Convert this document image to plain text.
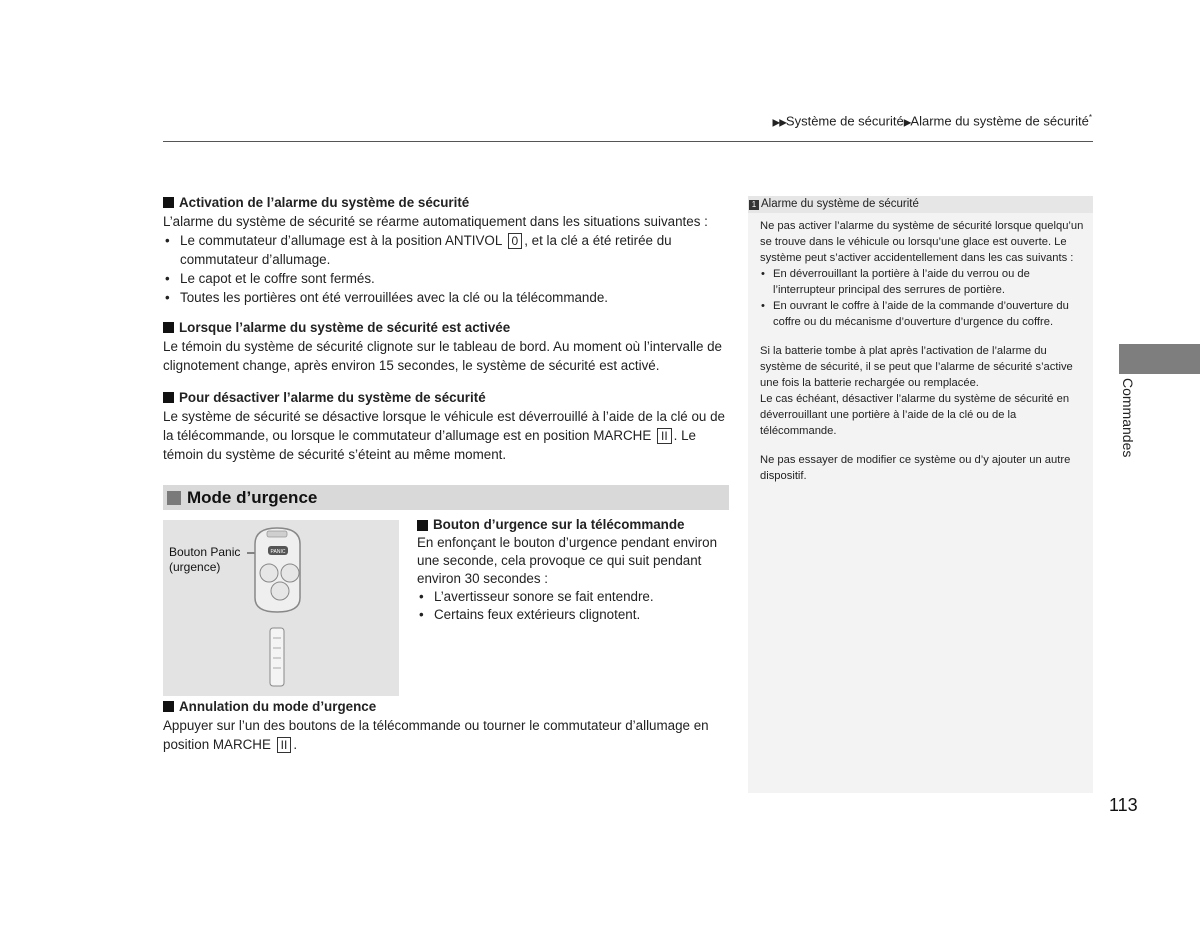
▶▶Système de sécurité▶Alarme du système de sécurité*
Activation de l’alarme du système de sécurité

L’alarme du système de sécurité se réarme automatiquement dans les situations suivantes :

• Le commutateur d’allumage est à la position ANTIVOL 0 , et la clé a été retirée du commutateur d’allumage.
• Le capot et le coffre sont fermés.
• Toutes les portières ont été verrouillées avec la clé ou la télécommande.
Lorsque l’alarme du système de sécurité est activée

Le témoin du système de sécurité clignote sur le tableau de bord. Au moment où l’intervalle de clignotement change, après environ 15 secondes, le système de sécurité est activé.

Pour désactiver l’alarme du système de sécurité

Le système de sécurité se désactive lorsque le véhicule est déverrouillé à l’aide de la clé ou de la télécommande, ou lorsque le commutateur d’allumage est en position MARCHE II . Le témoin du système de sécurité s’éteint au même moment.

Mode d’urgence
Bouton Panic
(urgence)
PANIC
Bouton d’urgence sur la télécommande

En enfonçant le bouton d’urgence pendant environ une seconde, cela provoque ce qui suit pendant environ 30 secondes :

• L’avertisseur sonore se fait entendre.
• Certains feux extérieurs clignotent.
Annulation du mode d’urgence

Appuyer sur l’un des boutons de la télécommande ou tourner le commutateur d’allumage en position MARCHE II .

1 Alarme du système de sécurité

Ne pas activer l’alarme du système de sécurité lorsque quelqu’un se trouve dans le véhicule ou lorsqu’une glace est ouverte. Le système peut s’activer accidentellement dans les cas suivants :

• En déverrouillant la portière à l’aide du verrou ou de l’interrupteur principal des serrures de portière.
• En ouvrant le coffre à l’aide de la commande d’ouverture du coffre ou du mécanisme d’ouverture d’urgence du coffre.

Si la batterie tombe à plat après l’activation de l’alarme du système de sécurité, il se peut que l’alarme de sécurité s’active une fois la batterie rechargée ou remplacée.

Le cas échéant, désactiver l’alarme du système de sécurité en déverrouillant une portière à l’aide de la clé ou de la télécommande.

Ne pas essayer de modifier ce système ou d’y ajouter un autre dispositif.

Commandes
113
